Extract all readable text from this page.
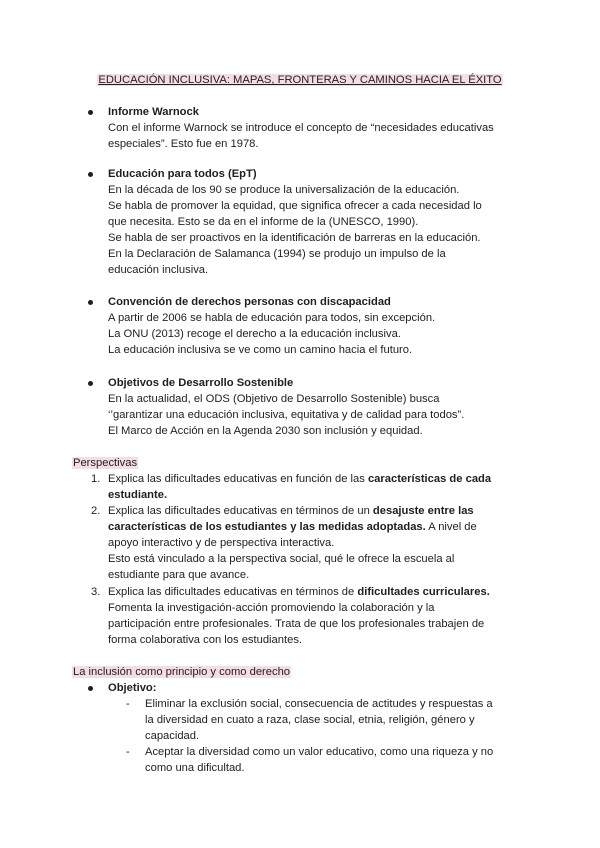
EDUCACIÓN INCLUSIVA: MAPAS, FRONTERAS Y CAMINOS HACIA EL ÉXITO
Informe Warnock
Con el informe Warnock se introduce el concepto de “necesidades educativas
especiales”. Esto fue en 1978.
Educación para todos (EpT)
En la década de los 90 se produce la universalización de la educación.
Se habla de promover la equidad, que significa ofrecer a cada necesidad lo
que necesita. Esto se da en el informe de la (UNESCO, 1990).
Se habla de ser proactivos en la identificación de barreras en la educación.
En la Declaración de Salamanca (1994) se produjo un impulso de la
educación inclusiva.
Convención de derechos personas con discapacidad
A partir de 2006 se habla de educación para todos, sin excepción.
La ONU (2013) recoge el derecho a la educación inclusiva.
La educación inclusiva se ve como un camino hacia el futuro.
Objetivos de Desarrollo Sostenible
En la actualidad, el ODS (Objetivo de Desarrollo Sostenible) busca
‘’garantizar una educación inclusiva, equitativa y de calidad para todos”.
El Marco de Acción en la Agenda 2030 son inclusión y equidad.
Perspectivas
1. Explica las dificultades educativas en función de las características de cada
estudiante.
2. Explica las dificultades educativas en términos de un desajuste entre las
características de los estudiantes y las medidas adoptadas. A nivel de
apoyo interactivo y de perspectiva interactiva.
Esto está vinculado a la perspectiva social, qué le ofrece la escuela al
estudiante para que avance.
3. Explica las dificultades educativas en términos de dificultades curriculares.
Fomenta la investigación-acción promoviendo la colaboración y la
participación entre profesionales. Trata de que los profesionales trabajen de
forma colaborativa con los estudiantes.
La inclusión como principio y como derecho
Objetivo:
- Eliminar la exclusión social, consecuencia de actitudes y respuestas a
la diversidad en cuato a raza, clase social, etnia, religión, género y
capacidad.
- Aceptar la diversidad como un valor educativo, como una riqueza y no
como una dificultad.
